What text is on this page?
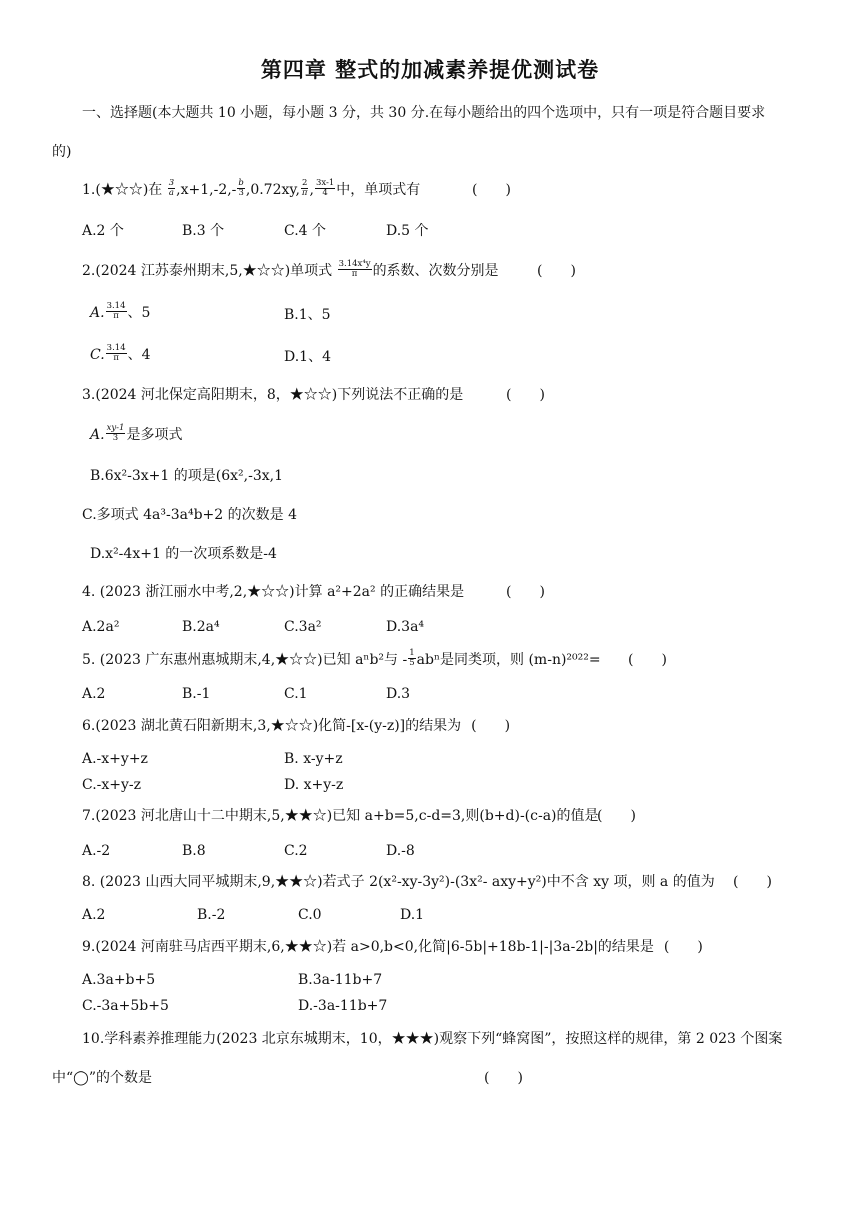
第四章 整式的加减素养提优测试卷
一、选择题(本大题共 10 小题，每小题 3 分，共 30 分.在每小题给出的四个选项中，只有一项是符合题目要求
的)
1.(★☆☆)在 $\frac{3}{a} ,x+1,-2,- \frac{b}{3} ,0.72xy$, $\frac{2}{\pi}$ , $\frac{3x-1}{4}$ 中，单项式有	(　　)
A.2 个	B.3 个	C.4 个	D.5 个
2.(2024 江苏泰州期末,5,★☆☆)单项式 $\frac{\text{3.14x⁴y}}{\pi}$ 的系数、次数分别是	(　　)
A. $\frac{3.14}{\pi}$ 、5	B.1、5
C. $\frac{3.14}{\pi}$ 、4	D.1、4
3.(2024 河北保定高阳期末，8，★☆☆)下列说法不正确的是	(　　)
A. $\frac{xy-1}{3}$ 是多项式
B.6x²-3x+1 的项是(6x²,-3x,1
C.多项式 4a³-3a⁴b+2 的次数是 4
D.x²-4x+1 的一次项系数是-4
4. (2023 浙江丽水中考,2,★☆☆)计算 a²+2a² 的正确结果是	(　　)
A.2a²	B.2a⁴	C.3a²	D.3a⁴
5. (2023 广东惠州惠城期末,4,★☆☆)已知 aⁿb²与 - $\frac{1}{5}$ abⁿ是同类项，则 (m-n)²⁰²²= (　　)
A.2	B.-1	C.1	D.3
6.(2023 湖北黄石阳新期末,3,★☆☆)化简-[x-(y-z)]的结果为 (　　)
A.-x+y+z	B. x-y+z
C.-x+y-z	D. x+y-z
7.(2023 河北唐山十二中期末,5,★★☆)已知 a+b=5,c-d=3,则(b+d)-(c-a)的值是
(　　)
A.-2	B.8	C.2	D.-8
8. (2023 山西大同平城期末,9,★★☆)若式子 2(x²-xy-3y²)-(3x²- axy+y²)中不含 xy 项，则 a 的值为 (　　)
A.2	B.-2	C.0	D.1
9.(2024 河南驻马店西平期末,6,★★☆)若 a>0,b<0,化简|6-5b|+18b-1|-|3a-2b|的结果是 (　　)
A.3a+b+5	B.3a-11b+7
C.-3a+5b+5	D.-3a-11b+7
10.学科素养推理能力(2023 北京东城期末，10，★★★)观察下列“蜂窝图”，按照这样的规律，第 2 023 个图案
中“◯”的个数是	(　　)
